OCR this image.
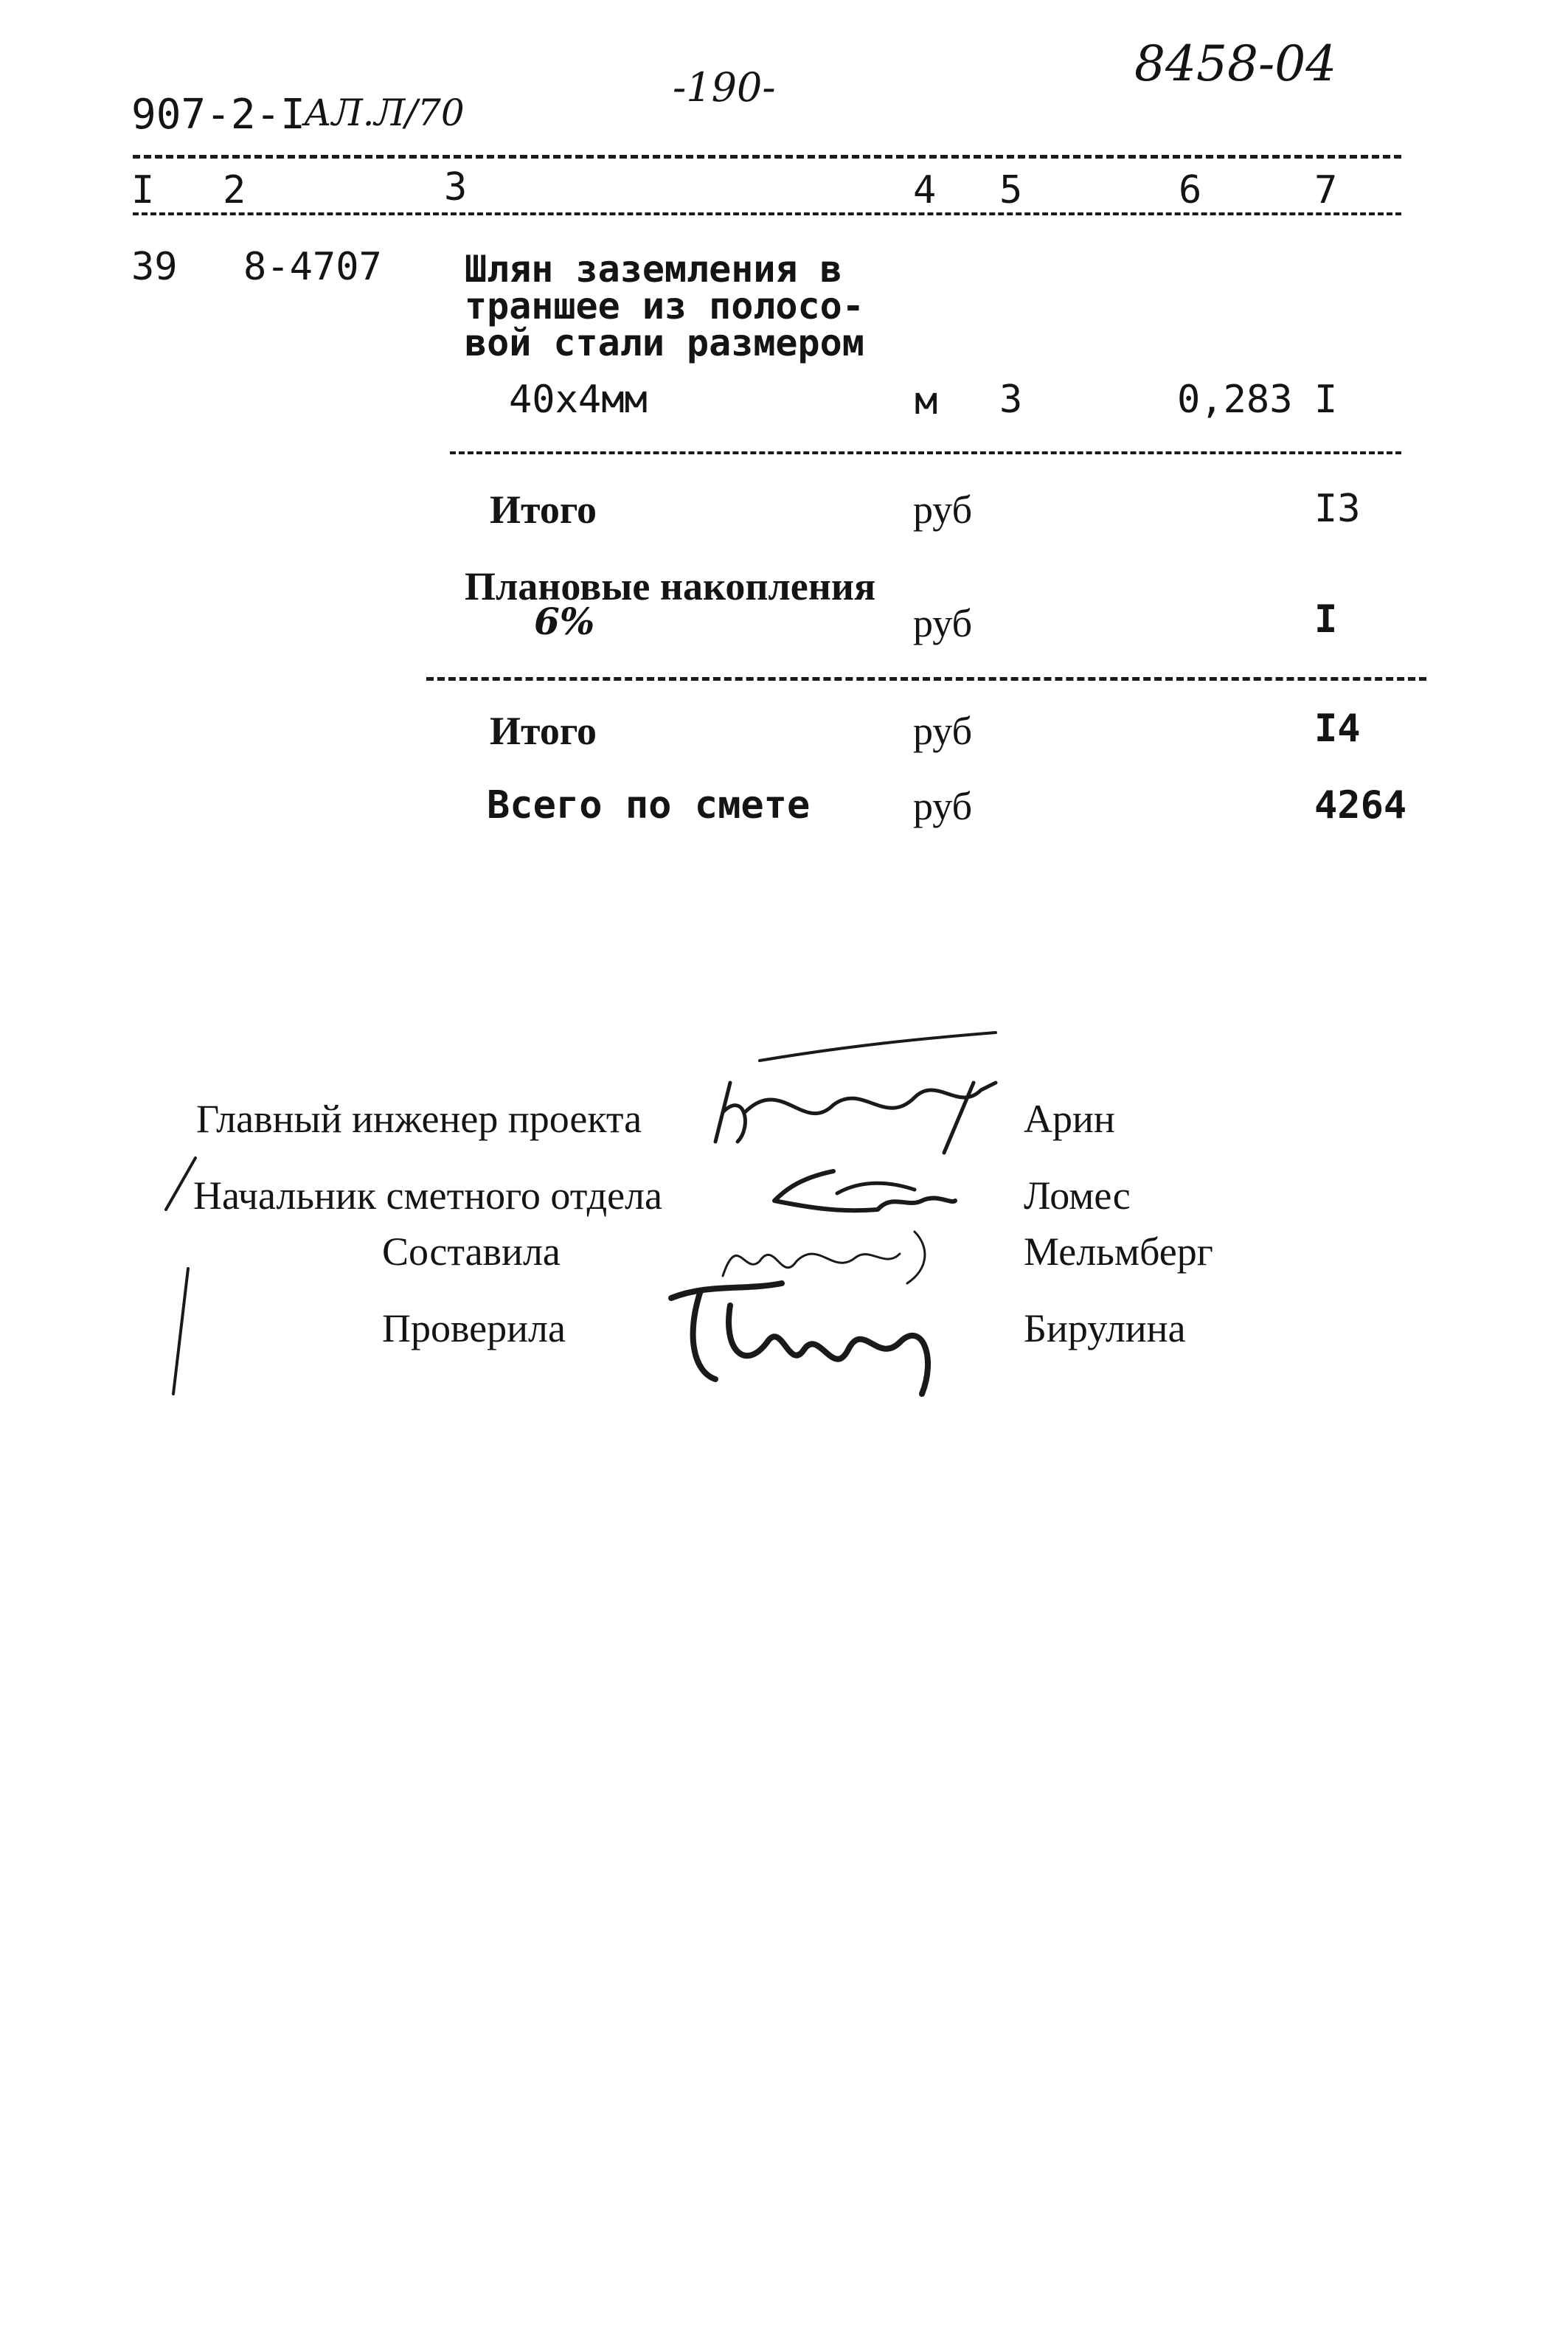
907-2-I
АЛ.Л/70
-190-	8458-04
I 2	3	4 5	6	7
39 8-4707 Шлян заземления в
траншее из полосо-
вой стали размером
40х4мм	м 3	0,283 I
Итого	руб	I3
Плановые накопления
6%	руб	I
Итого	руб	I4
Всего по смете	руб	4264
Главный инженер проекта	Арин
Начальник сметного отдела	Ломес
Составила	Мельмберг
Проверила	Бирулина
